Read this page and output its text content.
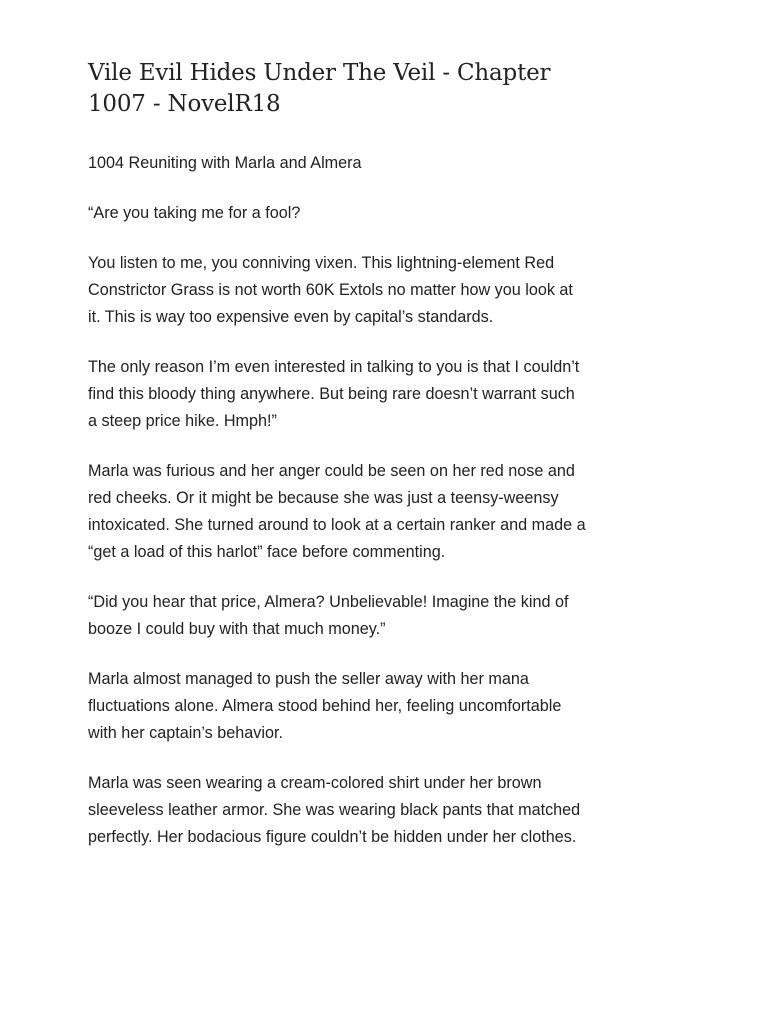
Vile Evil Hides Under The Veil - Chapter 1007 - NovelR18

1004 Reuniting with Marla and Almera

“Are you taking me for a fool?

You listen to me, you conniving vixen. This lightning-element Red Constrictor Grass is not worth 60K Extols no matter how you look at it. This is way too expensive even by capital’s standards.

The only reason I’m even interested in talking to you is that I couldn’t find this bloody thing anywhere. But being rare doesn’t warrant such a steep price hike. Hmph!”

Marla was furious and her anger could be seen on her red nose and red cheeks. Or it might be because she was just a teensy-weensy intoxicated. She turned around to look at a certain ranker and made a “get a load of this harlot” face before commenting.

“Did you hear that price, Almera? Unbelievable! Imagine the kind of booze I could buy with that much money.”

Marla almost managed to push the seller away with her mana fluctuations alone. Almera stood behind her, feeling uncomfortable with her captain’s behavior.

Marla was seen wearing a cream-colored shirt under her brown sleeveless leather armor. She was wearing black pants that matched perfectly. Her bodacious figure couldn’t be hidden under her clothes.
